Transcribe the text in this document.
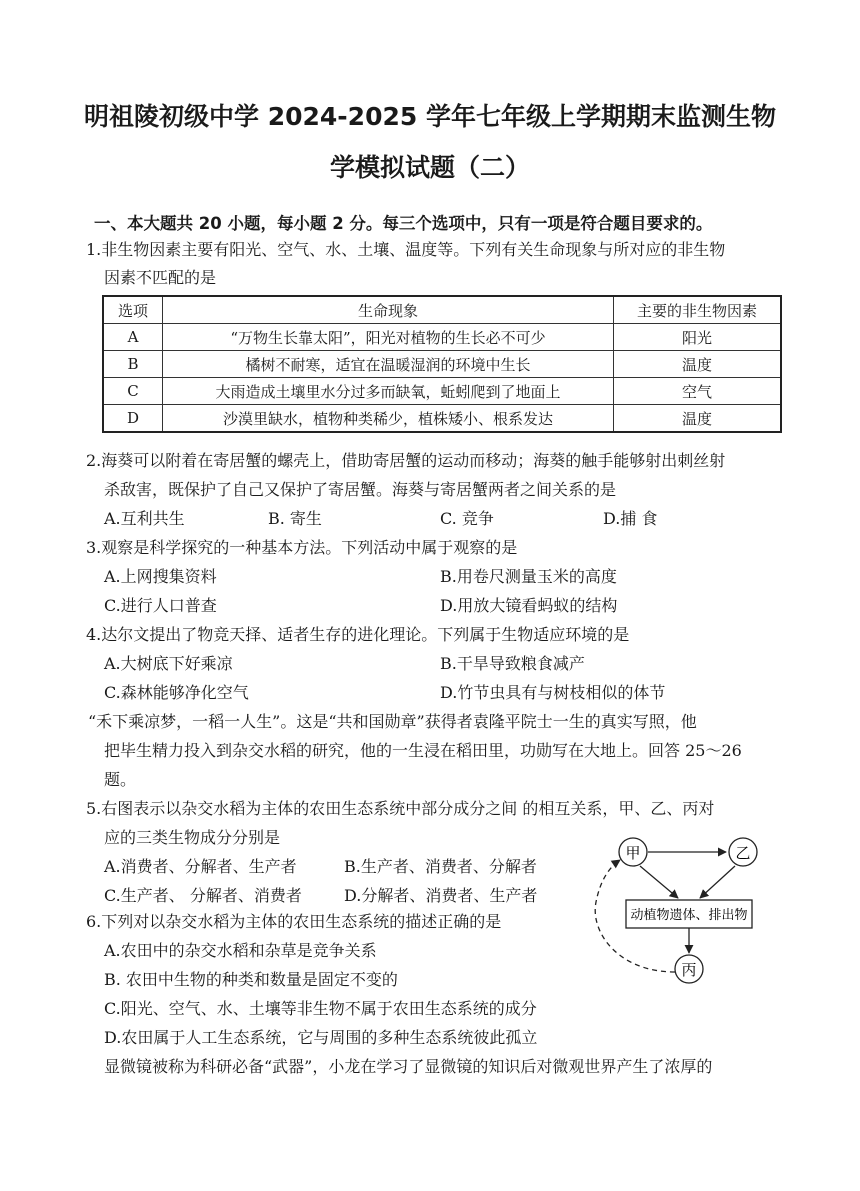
明祖陵初级中学 2024-2025 学年七年级上学期期末监测生物
学模拟试题（二）
一、本大题共 20 小题，每小题 2 分。每三个选项中，只有一项是符合题目要求的。
1.非生物因素主要有阳光、空气、水、土壤、温度等。下列有关生命现象与所对应的非生物
因素不匹配的是
选项	生命现象	主要的非生物因素
A	“万物生长靠太阳”，阳光对植物的生长必不可少	阳光
B	橘树不耐寒，适宜在温暖湿润的环境中生长	温度
C	大雨造成土壤里水分过多而缺氧，蚯蚓爬到了地面上	空气
D	沙漠里缺水，植物种类稀少，植株矮小、根系发达	温度
2.海葵可以附着在寄居蟹的螺壳上，借助寄居蟹的运动而移动；海葵的触手能够射出刺丝射
杀敌害，既保护了自己又保护了寄居蟹。海葵与寄居蟹两者之间关系的是
A.互利共生	B. 寄生	C. 竞争	D.捕 食
3.观察是科学探究的一种基本方法。下列活动中属于观察的是
A.上网搜集资料	B.用卷尺测量玉米的高度
C.进行人口普查	D.用放大镜看蚂蚁的结构
4.达尔文提出了物竞天择、适者生存的进化理论。下列属于生物适应环境的是
A.大树底下好乘凉	B.干旱导致粮食减产
C.森林能够净化空气	D.竹节虫具有与树枝相似的体节
“禾下乘凉梦，一稻一人生”。这是“共和国勋章”获得者袁隆平院士一生的真实写照，他
把毕生精力投入到杂交水稻的研究，他的一生浸在稻田里，功勋写在大地上。回答 25～26
题。
5.右图表示以杂交水稻为主体的农田生态系统中部分成分之间 的相互关系，甲、乙、丙对
应的三类生物成分分别是
A.消费者、分解者、生产者	B.生产者、消费者、分解者
C.生产者、 分解者、消费者	D.分解者、消费者、生产者
6.下列对以杂交水稻为主体的农田生态系统的描述正确的是
A.农田中的杂交水稻和杂草是竞争关系
B. 农田中生物的种类和数量是固定不变的
C.阳光、空气、水、土壤等非生物不属于农田生态系统的成分
D.农田属于人工生态系统，它与周围的多种生态系统彼此孤立
显微镜被称为科研必备“武器”，小龙在学习了显微镜的知识后对微观世界产生了浓厚的
甲	乙
动植物遗体、排出物
丙
